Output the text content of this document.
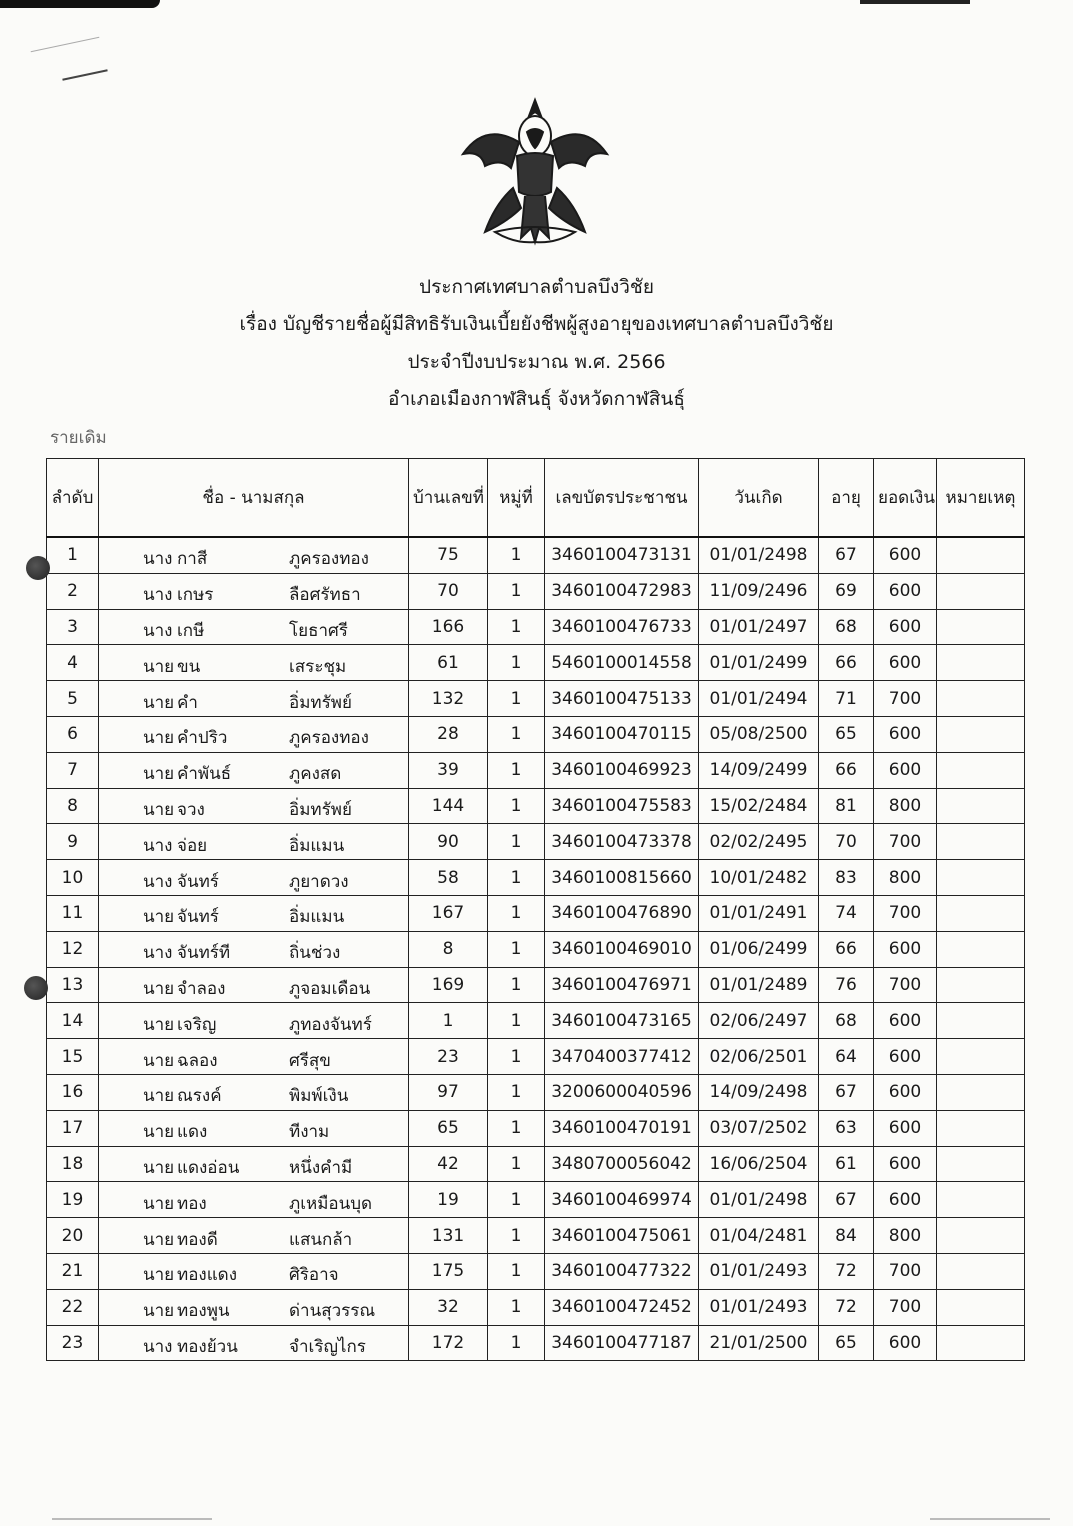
ประกาศเทศบาลตำบลบึงวิชัย
เรื่อง บัญชีรายชื่อผู้มีสิทธิรับเงินเบี้ยยังชีพผู้สูงอายุของเทศบาลตำบลบึงวิชัย
ประจำปีงบประมาณ พ.ศ. 2566
อำเภอเมืองกาฬสินธุ์ จังหวัดกาฬสินธุ์
รายเดิม
ลำดับ	ชื่อ - นามสกุล	บ้านเลขที่	หมู่ที่	เลขบัตรประชาชน	วันเกิด	อายุ	ยอดเงิน	หมายเหตุ
1	นาง กาสี ภูครองทอง	75	1	3460100473131	01/01/2498	67	600	
2	นาง เกษร ลือศรัทธา	70	1	3460100472983	11/09/2496	69	600	
3	นาง เกษี โยธาศรี	166	1	3460100476733	01/01/2497	68	600	
4	นาย ขน เสระชุม	61	1	5460100014558	01/01/2499	66	600	
5	นาย คำ อิ่มทรัพย์	132	1	3460100475133	01/01/2494	71	700	
6	นาย คำปริว ภูครองทอง	28	1	3460100470115	05/08/2500	65	600	
7	นาย คำพันธ์ ภูคงสด	39	1	3460100469923	14/09/2499	66	600	
8	นาย จวง อิ่มทรัพย์	144	1	3460100475583	15/02/2484	81	800	
9	นาง จ่อย อิ่มแมน	90	1	3460100473378	02/02/2495	70	700	
10	นาง จันทร์ ภูยาดวง	58	1	3460100815660	10/01/2482	83	800	
11	นาย จันทร์ อิ่มแมน	167	1	3460100476890	01/01/2491	74	700	
12	นาง จันทร์ที ถิ่นช่วง	8	1	3460100469010	01/06/2499	66	600	
13	นาย จำลอง ภูจอมเดือน	169	1	3460100476971	01/01/2489	76	700	
14	นาย เจริญ ภูทองจันทร์	1	1	3460100473165	02/06/2497	68	600	
15	นาย ฉลอง ศรีสุข	23	1	3470400377412	02/06/2501	64	600	
16	นาย ณรงค์ พิมพ์เงิน	97	1	3200600040596	14/09/2498	67	600	
17	นาย แดง ทีงาม	65	1	3460100470191	03/07/2502	63	600	
18	นาย แดงอ่อน หนึ่งคำมี	42	1	3480700056042	16/06/2504	61	600	
19	นาย ทอง ภูเหมือนบุด	19	1	3460100469974	01/01/2498	67	600	
20	นาย ทองดี แสนกล้า	131	1	3460100475061	01/04/2481	84	800	
21	นาย ทองแดง ศิริอาจ	175	1	3460100477322	01/01/2493	72	700	
22	นาย ทองพูน ด่านสุวรรณ	32	1	3460100472452	01/01/2493	72	700	
23	นาง ทองย้วน จำเริญไกร	172	1	3460100477187	21/01/2500	65	600	
